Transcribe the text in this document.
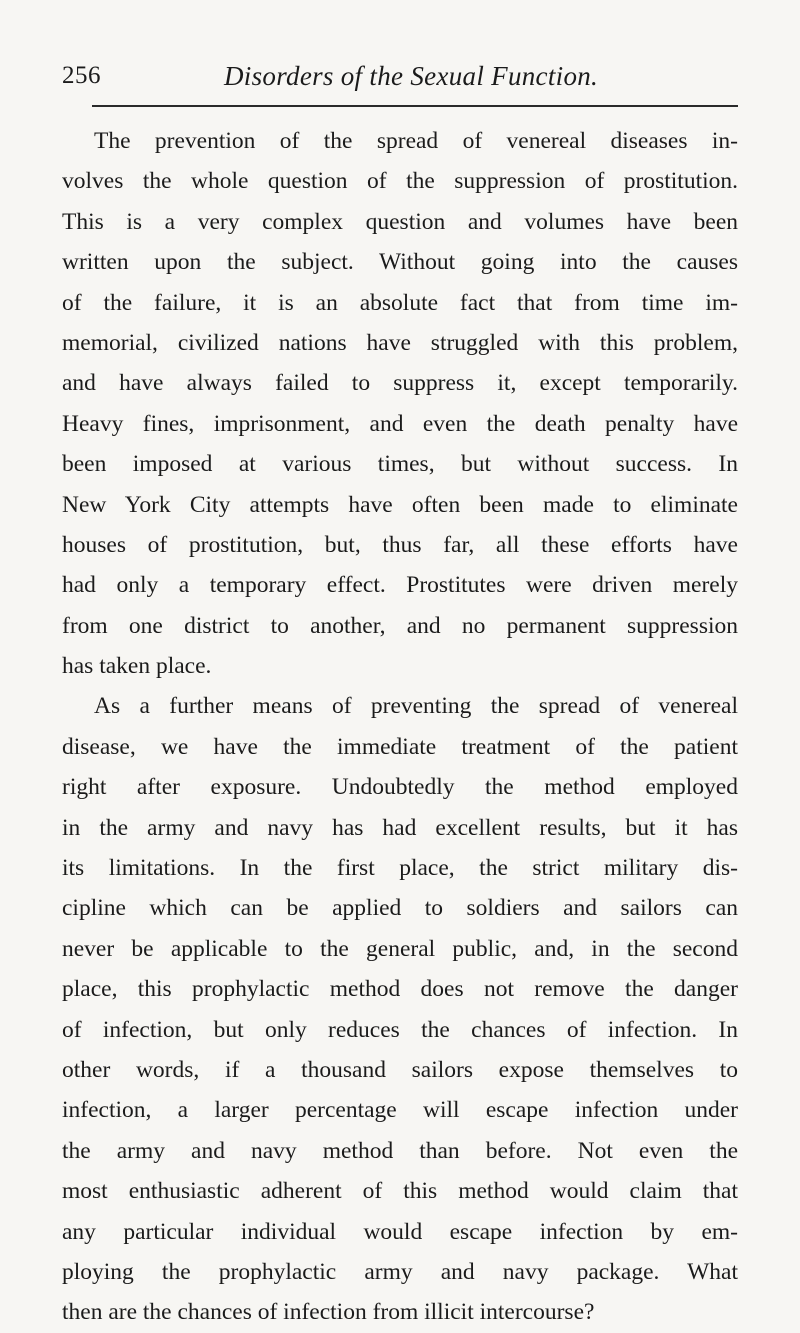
256	Disorders of the Sexual Function.
The prevention of the spread of venereal diseases in-
volves the whole question of the suppression of prostitution.
This is a very complex question and volumes have been
written upon the subject. Without going into the causes
of the failure, it is an absolute fact that from time im-
memorial, civilized nations have struggled with this problem,
and have always failed to suppress it, except temporarily.
Heavy fines, imprisonment, and even the death penalty have
been imposed at various times, but without success. In
New York City attempts have often been made to eliminate
houses of prostitution, but, thus far, all these efforts have
had only a temporary effect. Prostitutes were driven merely
from one district to another, and no permanent suppression
has taken place.
As a further means of preventing the spread of venereal
disease, we have the immediate treatment of the patient
right after exposure. Undoubtedly the method employed
in the army and navy has had excellent results, but it has
its limitations. In the first place, the strict military dis-
cipline which can be applied to soldiers and sailors can
never be applicable to the general public, and, in the second
place, this prophylactic method does not remove the danger
of infection, but only reduces the chances of infection. In
other words, if a thousand sailors expose themselves to
infection, a larger percentage will escape infection under
the army and navy method than before. Not even the
most enthusiastic adherent of this method would claim that
any particular individual would escape infection by em-
ploying the prophylactic army and navy package. What
then are the chances of infection from illicit intercourse?
